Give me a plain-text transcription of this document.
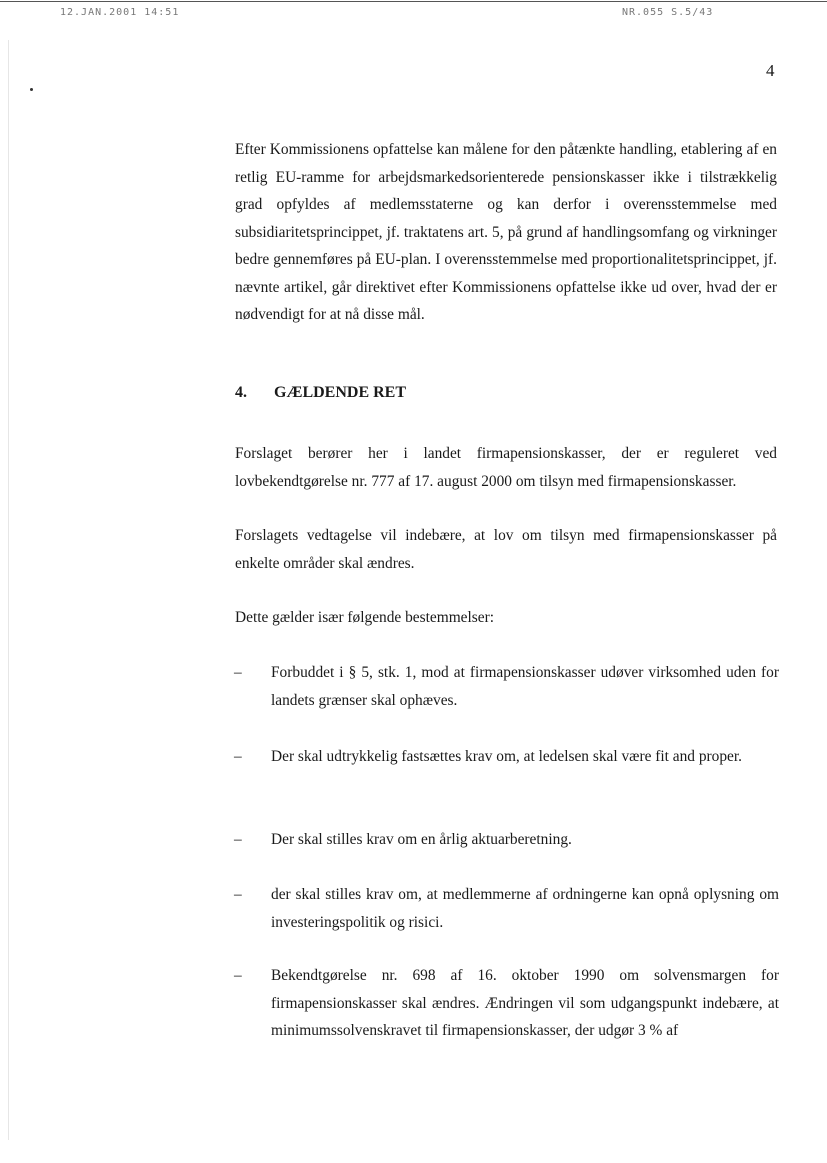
12.JAN.2001 14:51	NR.055 S.5/43
4

Efter Kommissionens opfattelse kan målene for den påtænkte handling, etablering af en retlig EU-ramme for arbejdsmarkedsorienterede pensionskasser ikke i tilstrækkelig grad opfyldes af medlemsstaterne og kan derfor i overensstemmelse med subsidiaritetsprincippet, jf. traktatens art. 5, på grund af handlingsomfang og virkninger bedre gennemføres på EU-plan. I overensstemmelse med proportionalitetsprincippet, jf. nævnte artikel, går direktivet efter Kommissionens opfattelse ikke ud over, hvad der er nødvendigt for at nå disse mål.

4. GÆLDENDE RET

Forslaget berører her i landet firmapensionskasser, der er reguleret ved lovbekendtgørelse nr. 777 af 17. august 2000 om tilsyn med firmapensionskasser.

Forslagets vedtagelse vil indebære, at lov om tilsyn med firmapensionskasser på enkelte områder skal ændres.

Dette gælder især følgende bestemmelser:

–	Forbuddet i § 5, stk. 1, mod at firmapensionskasser udøver virksomhed uden for landets grænser skal ophæves.

–	Der skal udtrykkelig fastsættes krav om, at ledelsen skal være fit and proper.

–	Der skal stilles krav om en årlig aktuarberetning.

–	der skal stilles krav om, at medlemmerne af ordningerne kan opnå oplysning om investeringspolitik og risici.

–	Bekendtgørelse nr. 698 af 16. oktober 1990 om solvensmargen for firmapensionskasser skal ændres. Ændringen vil som udgangspunkt indebære, at minimumssolvenskravet til firmapensionskasser, der udgør 3 % af
